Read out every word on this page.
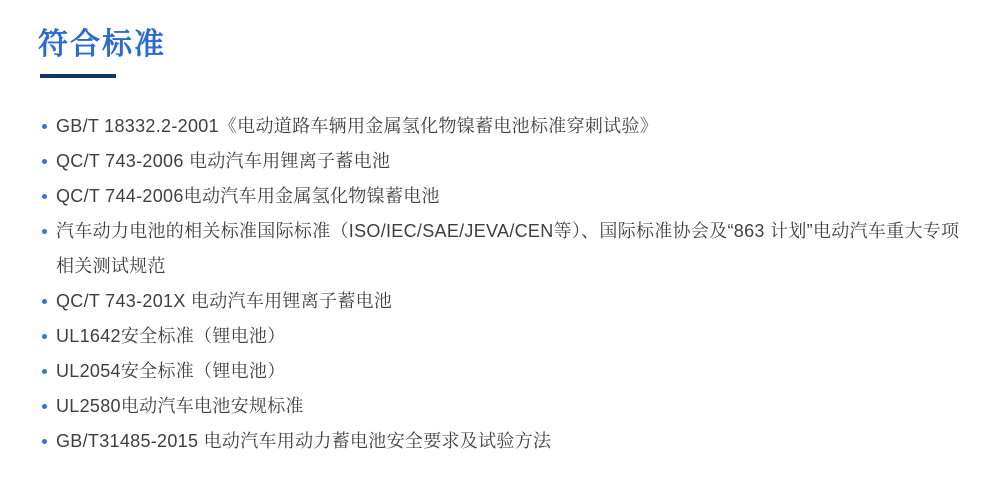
符合标准
GB/T 18332.2-2001《电动道路车辆用金属氢化物镍蓄电池标准穿刺试验》
QC/T 743-2006 电动汽车用锂离子蓄电池
QC/T 744-2006电动汽车用金属氢化物镍蓄电池
汽车动力电池的相关标准国际标准（ISO/IEC/SAE/JEVA/CEN等）、国际标准协会及“863 计划”电动汽车重大专项相关测试规范
QC/T 743-201X 电动汽车用锂离子蓄电池
UL1642安全标准（锂电池）
UL2054安全标准（锂电池）
UL2580电动汽车电池安规标准
GB/T31485-2015 电动汽车用动力蓄电池安全要求及试验方法
